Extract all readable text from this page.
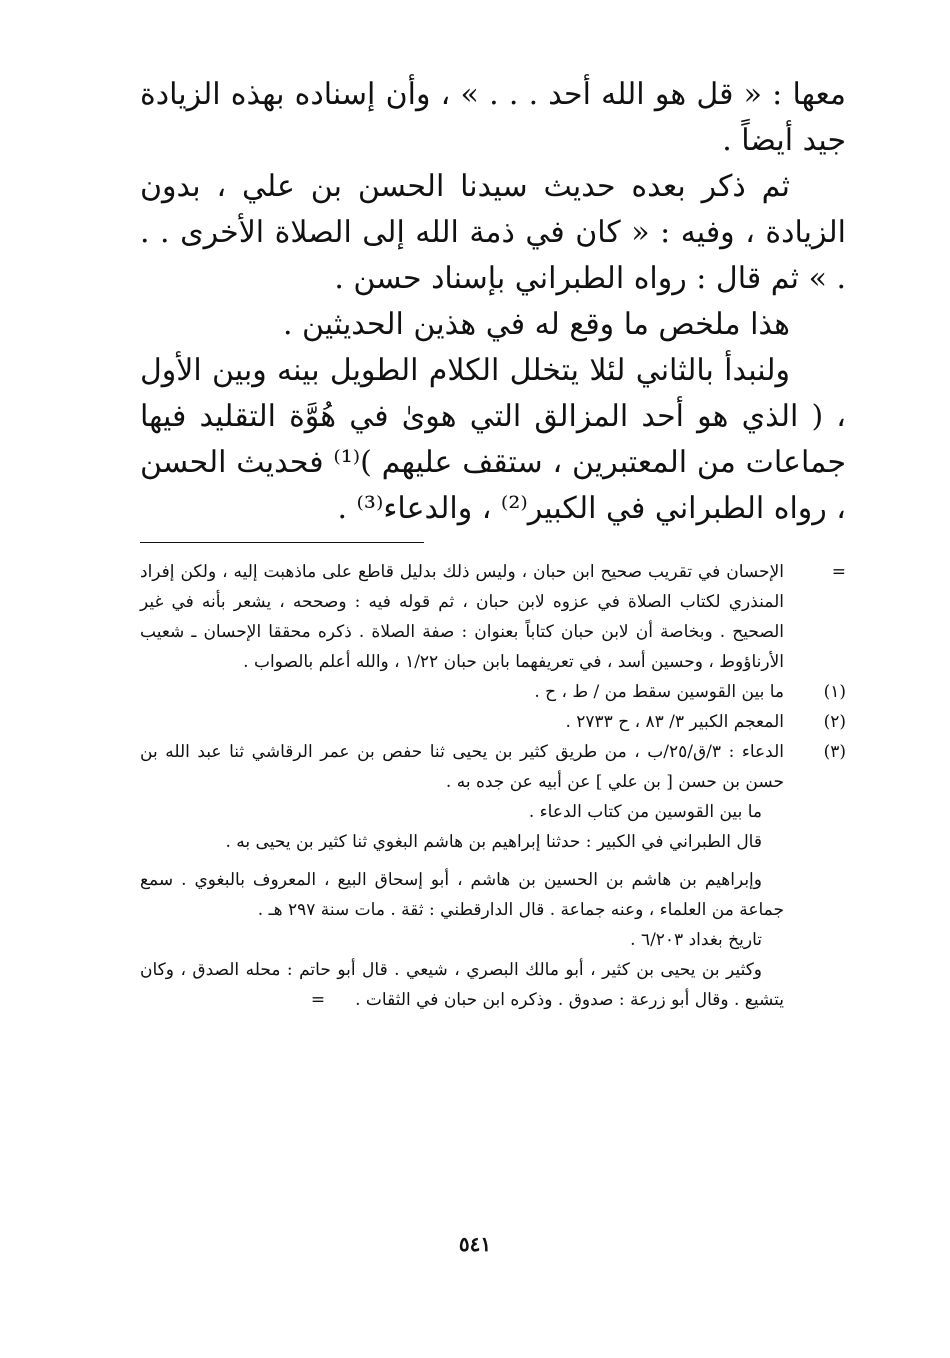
معها : « قل هو الله أحد . . . » ، وأن إسناده بهذه الزيادة جيد أيضاً .

ثم ذكر بعده حديث سيدنا الحسن بن علي ، بدون الزيادة ، وفيه : « كان في ذمة الله إلى الصلاة الأخرى . . . » ثم قال : رواه الطبراني بإسناد حسن .

هذا ملخص ما وقع له في هذين الحديثين .

ولنبدأ بالثاني لئلا يتخلل الكلام الطويل بينه وبين الأول ، ( الذي هو أحد المزالق التي هوىٰ في هُوَّة التقليد فيها جماعات من المعتبرين ، ستقف عليهم )⁽¹⁾ فحديث الحسن ، رواه الطبراني في الكبير⁽²⁾ ، والدعاء⁽³⁾ .

=
الإحسان في تقريب صحيح ابن حبان ، وليس ذلك بدليل قاطع على ماذهبت إليه ، ولكن إفراد المنذري لكتاب الصلاة في عزوه لابن حبان ، ثم قوله فيه : وصححه ، يشعر بأنه في غير الصحيح . وبخاصة أن لابن حبان كتاباً بعنوان : صفة الصلاة . ذكره محققا الإحسان ـ شعيب الأرناؤوط ، وحسين أسد ، في تعريفهما بابن حبان ١/٢٢ ، والله أعلم بالصواب .
(١)
ما بين القوسين سقط من / ط ، ح .
(٢)
المعجم الكبير ٣/ ٨٣ ، ح ٢٧٣٣ .
(٣)
الدعاء : ٣/ق/٢٥/ب ، من طريق كثير بن يحيى ثنا حفص بن عمر الرقاشي ثنا عبد الله بن حسن بن حسن [ بن علي ] عن أبيه عن جده به .

ما بين القوسين من كتاب الدعاء .

قال الطبراني في الكبير : حدثنا إبراهيم بن هاشم البغوي ثنا كثير بن يحيى به .

وإبراهيم بن هاشم بن الحسين بن هاشم ، أبو إسحاق البيع ، المعروف بالبغوي . سمع جماعة من العلماء ، وعنه جماعة . قال الدارقطني : ثقة . مات سنة ٢٩٧ هـ .

تاريخ بغداد ٦/٢٠٣ .

وكثير بن يحيى بن كثير ، أبو مالك البصري ، شيعي . قال أبو حاتم : محله الصدق ، وكان يتشيع . وقال أبو زرعة : صدوق . وذكره ابن حبان في الثقات .=

٥٤١
